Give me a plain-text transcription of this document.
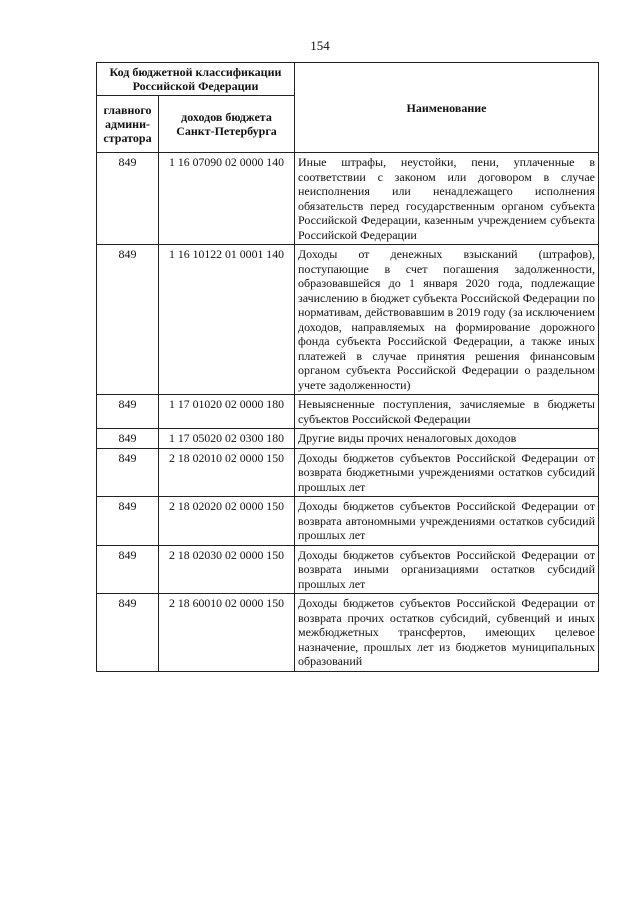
154
Код бюджетной классификации Российской Федерации		Наименование
главного админи-стратора	доходов бюджета Санкт-Петербурга	
849	1 16 07090 02 0000 140	Иные штрафы, неустойки, пени, уплаченные в соответствии с законом или договором в случае неисполнения или ненадлежащего исполнения обязательств перед государственным органом субъекта Российской Федерации, казенным учреждением субъекта Российской Федерации
849	1 16 10122 01 0001 140	Доходы от денежных взысканий (штрафов), поступающие в счет погашения задолженности, образовавшейся до 1 января 2020 года, подлежащие зачислению в бюджет субъекта Российской Федерации по нормативам, действовавшим в 2019 году (за исключением доходов, направляемых на формирование дорожного фонда субъекта Российской Федерации, а также иных платежей в случае принятия решения финансовым органом субъекта Российской Федерации о раздельном учете задолженности)
849	1 17 01020 02 0000 180	Невыясненные поступления, зачисляемые в бюджеты субъектов Российской Федерации
849	1 17 05020 02 0300 180	Другие виды прочих неналоговых доходов
849	2 18 02010 02 0000 150	Доходы бюджетов субъектов Российской Федерации от возврата бюджетными учреждениями остатков субсидий прошлых лет
849	2 18 02020 02 0000 150	Доходы бюджетов субъектов Российской Федерации от возврата автономными учреждениями остатков субсидий прошлых лет
849	2 18 02030 02 0000 150	Доходы бюджетов субъектов Российской Федерации от возврата иными организациями остатков субсидий прошлых лет
849	2 18 60010 02 0000 150	Доходы бюджетов субъектов Российской Федерации от возврата прочих остатков субсидий, субвенций и иных межбюджетных трансфертов, имеющих целевое назначение, прошлых лет из бюджетов муниципальных образований
